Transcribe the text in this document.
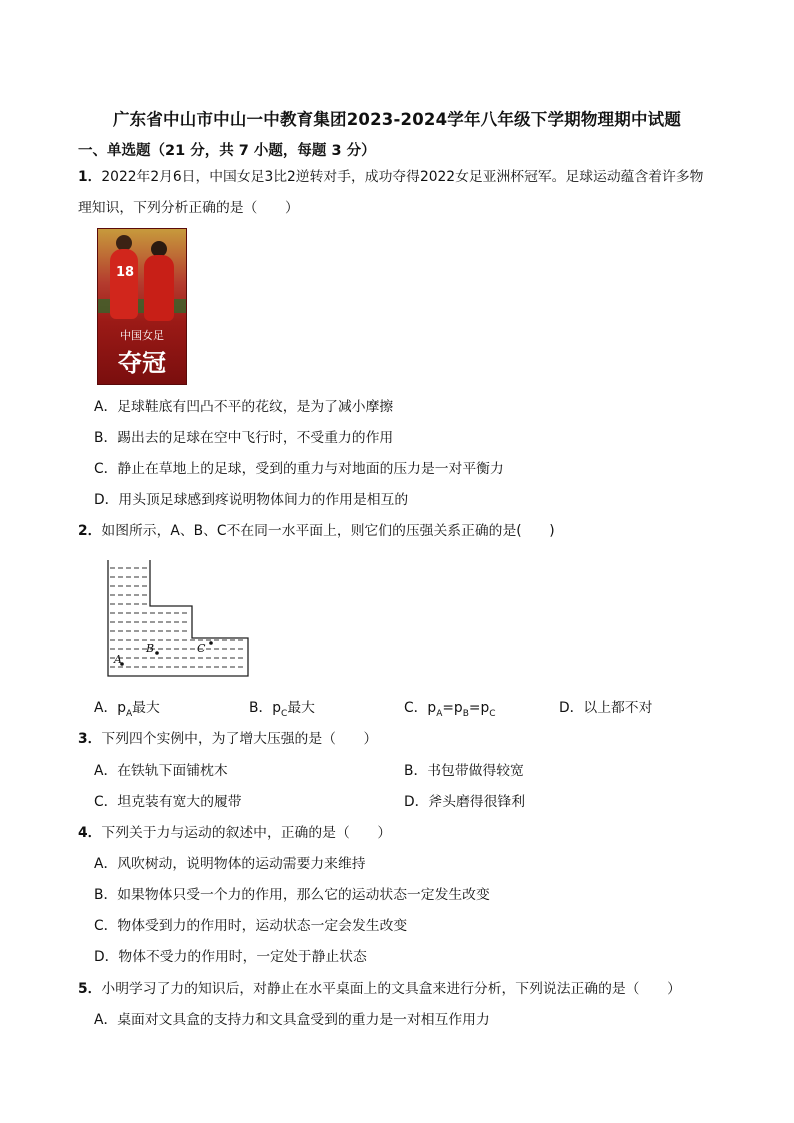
广东省中山市中山一中教育集团2023-2024学年八年级下学期物理期中试题
一、单选题（21 分，共 7 小题，每题 3 分）
1．2022年2月6日，中国女足3比2逆转对手，成功夺得2022女足亚洲杯冠军。足球运动蕴含着许多物
理知识，下列分析正确的是（　　）
18
中国女足
夺冠
A．足球鞋底有凹凸不平的花纹，是为了减小摩擦
B．踢出去的足球在空中飞行时，不受重力的作用
C．静止在草地上的足球，受到的重力与对地面的压力是一对平衡力
D．用头顶足球感到疼说明物体间力的作用是相互的
2．如图所示，A、B、C不在同一水平面上，则它们的压强关系正确的是(　　)
A
B	C
A．$p_A$最大	B．$p_C$最大	C．$p_A=p_B=p_C$	D．以上都不对
3．下列四个实例中，为了增大压强的是（　　）
A．在铁轨下面铺枕木	B．书包带做得较宽
C．坦克装有宽大的履带	D．斧头磨得很锋利
4．下列关于力与运动的叙述中，正确的是（　　）
A．风吹树动，说明物体的运动需要力来维持
B．如果物体只受一个力的作用，那么它的运动状态一定发生改变
C．物体受到力的作用时，运动状态一定会发生改变
D．物体不受力的作用时，一定处于静止状态
5．小明学习了力的知识后，对静止在水平桌面上的文具盒来进行分析，下列说法正确的是（　　）
A．桌面对文具盒的支持力和文具盒受到的重力是一对相互作用力
